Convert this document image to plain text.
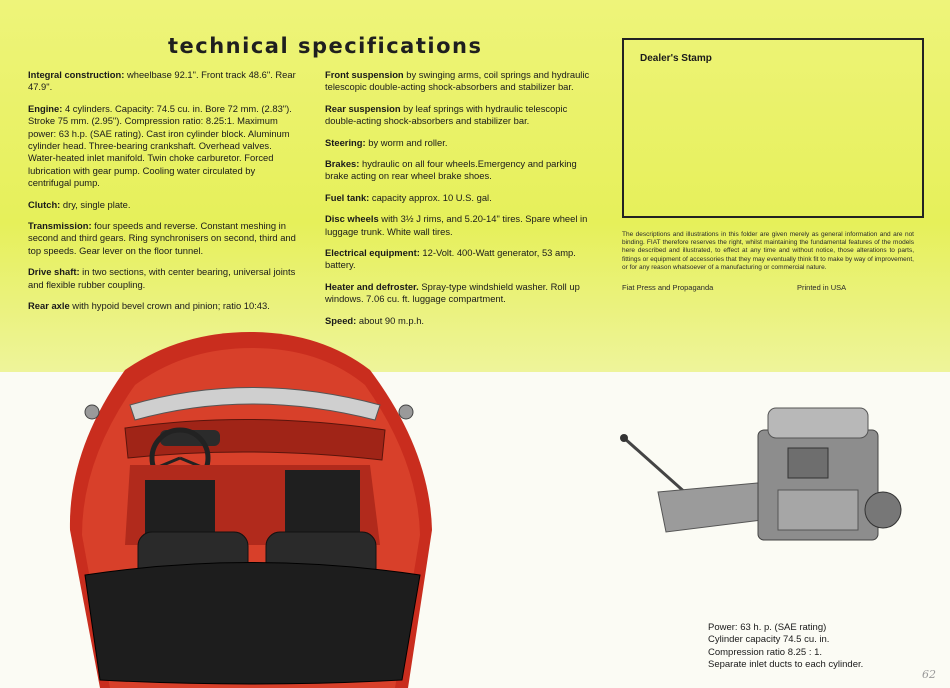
technical specifications

Integral construction: wheelbase 92.1". Front track 48.6". Rear 47.9".

Engine: 4 cylinders. Capacity: 74.5 cu. in. Bore 72 mm. (2.83"). Stroke 75 mm. (2.95"). Compression ratio: 8.25:1. Maximum power: 63 h.p. (SAE rating). Cast iron cylinder block. Aluminum cylinder head. Three-bearing crankshaft. Overhead valves. Water-heated inlet manifold. Twin choke carburetor. Forced lubrication with gear pump. Cooling water circulated by centrifugal pump.

Clutch: dry, single plate.

Transmission: four speeds and reverse. Constant meshing in second and third gears. Ring synchronisers on second, third and top speeds. Gear lever on the floor tunnel.

Drive shaft: in two sections, with center bearing, universal joints and flexible rubber coupling.

Rear axle with hypoid bevel crown and pinion; ratio 10:43.

Front suspension by swinging arms, coil springs and hydraulic telescopic double-acting shock-absorbers and stabilizer bar.

Rear suspension by leaf springs with hydraulic telescopic double-acting shock-absorbers and stabilizer bar.

Steering: by worm and roller.

Brakes: hydraulic on all four wheels.Emergency and parking brake acting on rear wheel brake shoes.

Fuel tank: capacity approx. 10 U.S. gal.

Disc wheels with 3½ J rims, and 5.20-14" tires. Spare wheel in luggage trunk. White wall tires.

Electrical equipment: 12-Volt. 400-Watt generator, 53 amp. battery.

Heater and defroster. Spray-type windshield washer. Roll up windows. 7.06 cu. ft. luggage compartment.

Speed: about 90 m.p.h.

Dealer's Stamp
The descriptions and illustrations in this folder are given merely as general information and are not binding. FIAT therefore reserves the right, whilst maintaining the fundamental features of the models here described and illustrated, to effect at any time and without notice, those alterations to parts, fittings or equipment of accessories that they may eventually think fit to make by way of improvement, or for any reason whatsoever of a manufacturing or commercial nature.
Fiat Press and Propaganda	Printed in USA
Power: 63 h. p. (SAE rating)
Cylinder capacity 74.5 cu. in.
Compression ratio 8.25 : 1.
Separate inlet ducts to each cylinder.
62
